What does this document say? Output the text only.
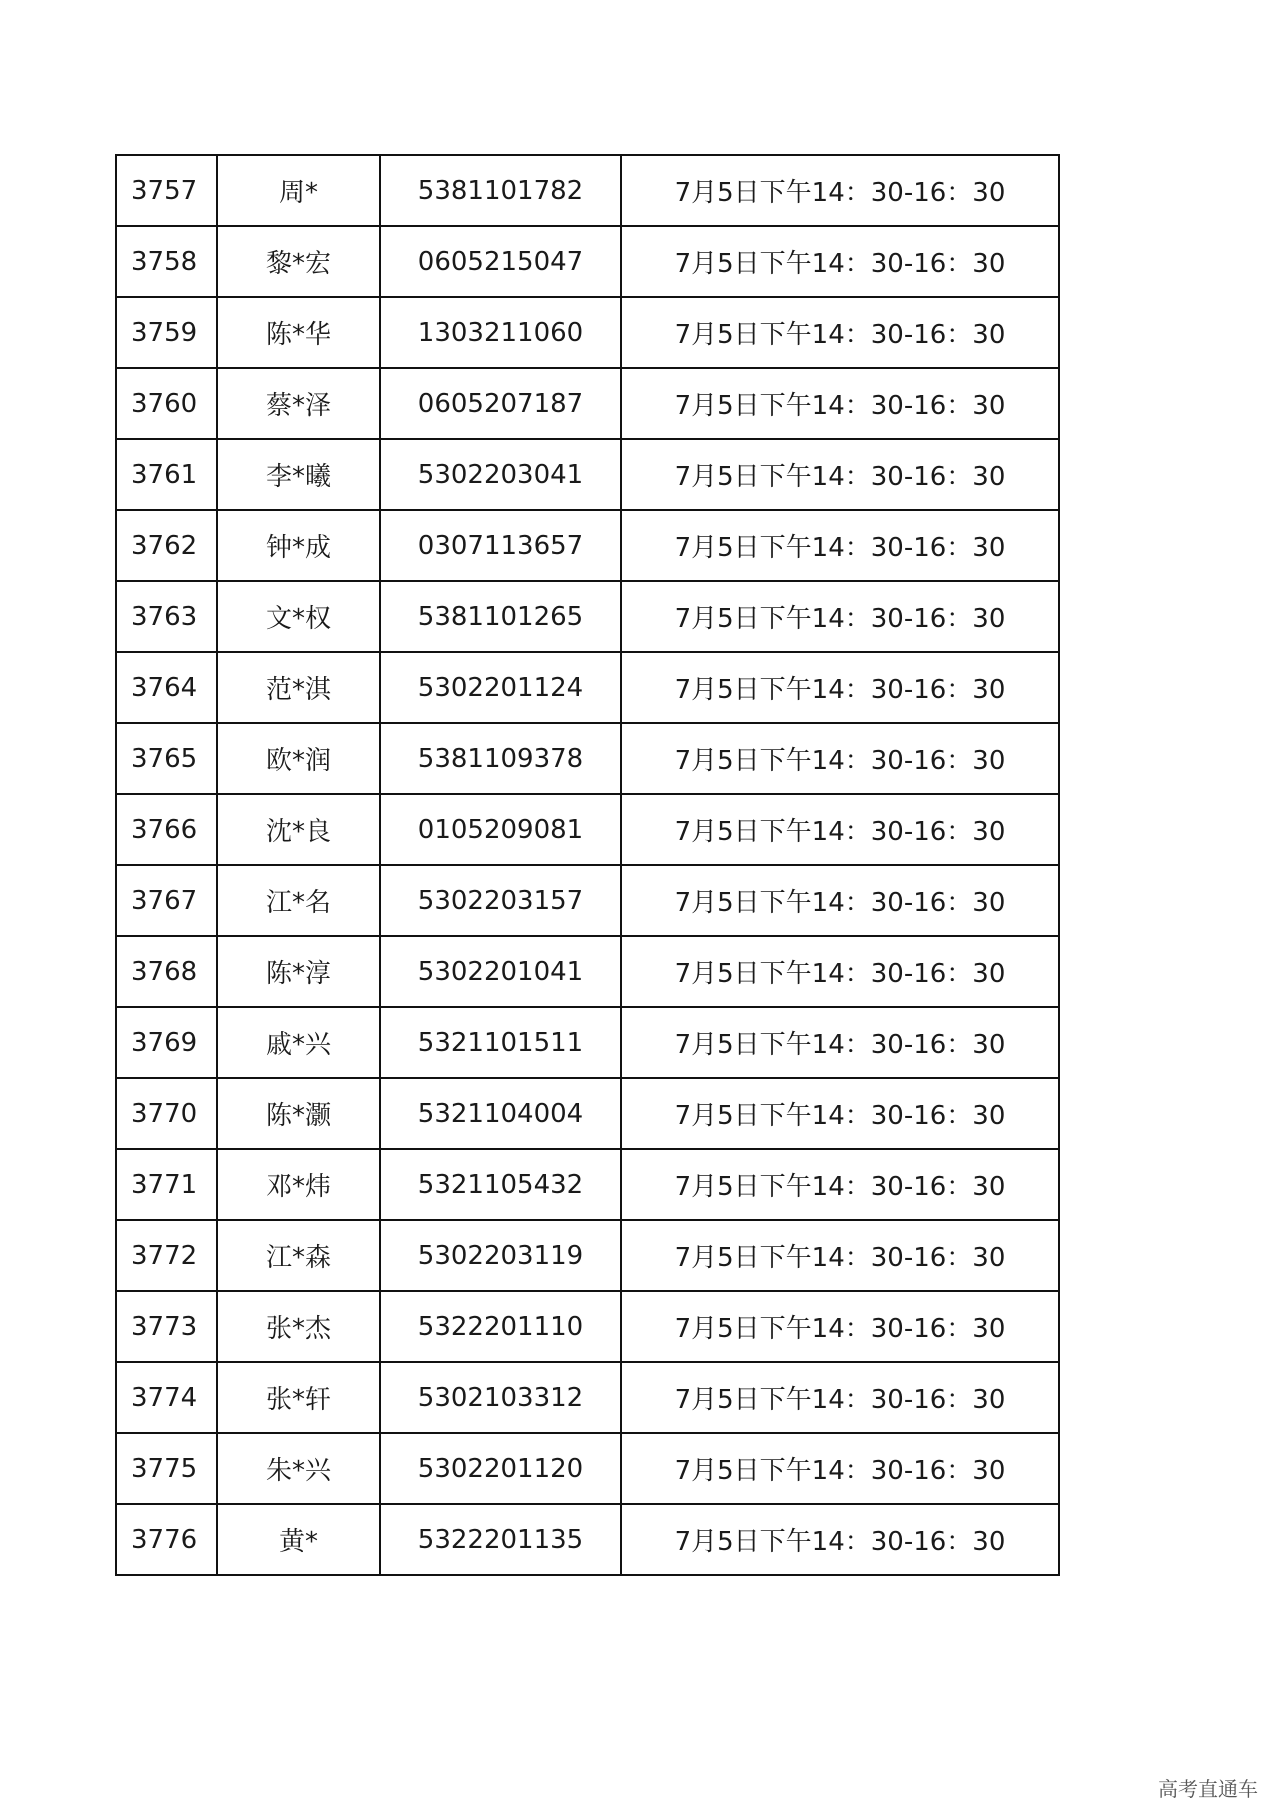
3757	周*	5381101782	7月5日下午14：30-16：30
3758	黎*宏	0605215047	7月5日下午14：30-16：30
3759	陈*华	1303211060	7月5日下午14：30-16：30
3760	蔡*泽	0605207187	7月5日下午14：30-16：30
3761	李*曦	5302203041	7月5日下午14：30-16：30
3762	钟*成	0307113657	7月5日下午14：30-16：30
3763	文*权	5381101265	7月5日下午14：30-16：30
3764	范*淇	5302201124	7月5日下午14：30-16：30
3765	欧*润	5381109378	7月5日下午14：30-16：30
3766	沈*良	0105209081	7月5日下午14：30-16：30
3767	江*名	5302203157	7月5日下午14：30-16：30
3768	陈*淳	5302201041	7月5日下午14：30-16：30
3769	戚*兴	5321101511	7月5日下午14：30-16：30
3770	陈*灏	5321104004	7月5日下午14：30-16：30
3771	邓*炜	5321105432	7月5日下午14：30-16：30
3772	江*森	5302203119	7月5日下午14：30-16：30
3773	张*杰	5322201110	7月5日下午14：30-16：30
3774	张*轩	5302103312	7月5日下午14：30-16：30
3775	朱*兴	5302201120	7月5日下午14：30-16：30
3776	黄*	5322201135	7月5日下午14：30-16：30
高考直通车
